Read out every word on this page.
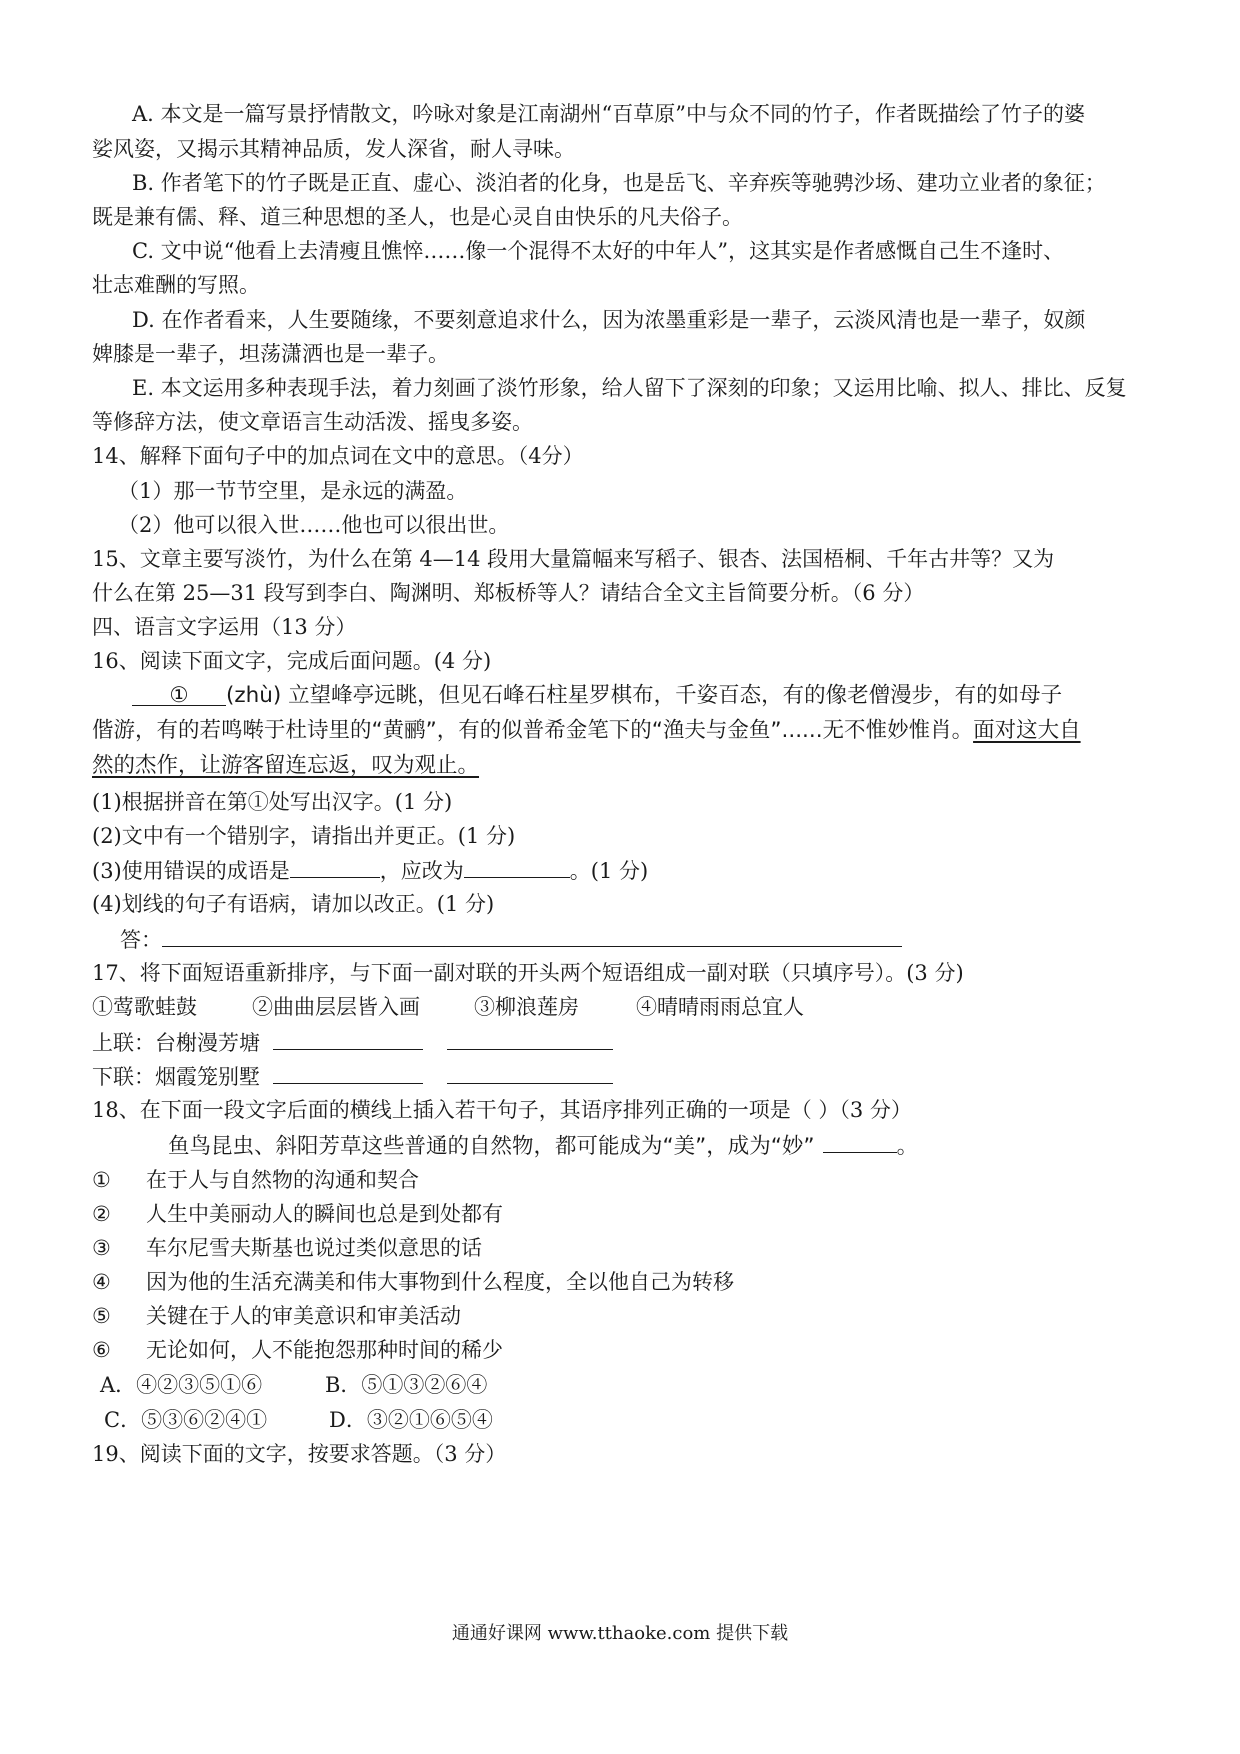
A. 本文是一篇写景抒情散文，吟咏对象是江南湖州“百草原”中与众不同的竹子，作者既描绘了竹子的婆
娑风姿，又揭示其精神品质，发人深省，耐人寻味。
B. 作者笔下的竹子既是正直、虚心、淡泊者的化身，也是岳飞、辛弃疾等驰骋沙场、建功立业者的象征；
既是兼有儒、释、道三种思想的圣人，也是心灵自由快乐的凡夫俗子。
C. 文中说“他看上去清瘦且憔悴……像一个混得不太好的中年人”，这其实是作者感慨自己生不逢时、
壮志难酬的写照。
D. 在作者看来，人生要随缘，不要刻意追求什么，因为浓墨重彩是一辈子，云淡风清也是一辈子，奴颜
婢膝是一辈子，坦荡潇洒也是一辈子。
E. 本文运用多种表现手法，着力刻画了淡竹形象，给人留下了深刻的印象；又运用比喻、拟人、排比、反复
等修辞方法，使文章语言生动活泼、摇曳多姿。
14、解释下面句子中的加点词在文中的意思。（4分）
（1）那一节节空里，是永远的满盈。
（2）他可以很入世……他也可以很出世。
15、文章主要写淡竹，为什么在第 4—14 段用大量篇幅来写稻子、银杏、法国梧桐、千年古井等？又为
什么在第 25—31 段写到李白、陶渊明、郑板桥等人？请结合全文主旨简要分析。（6 分）
四、语言文字运用（13 分）
16、阅读下面文字，完成后面问题。(4 分)
① (zhù) 立望峰亭远眺，但见石峰石柱星罗棋布，千姿百态，有的像老僧漫步，有的如母子
偕游，有的若鸣啭于杜诗里的“黄鹂”，有的似普希金笔下的“渔夫与金鱼”......无不惟妙惟肖。面对这大自
然的杰作，让游客留连忘返，叹为观止。
(1)根据拼音在第①处写出汉字。(1 分)
(2)文中有一个错别字，请指出并更正。(1 分)
(3)使用错误的成语是	，应改为	。(1 分)
(4)划线的句子有语病，请加以改正。(1 分)
答：
17、将下面短语重新排序，与下面一副对联的开头两个短语组成一副对联（只填序号）。(3 分)
①莺歌蛙鼓	②曲曲层层皆入画	③柳浪莲房	④晴晴雨雨总宜人
上联：台榭漫芳塘
下联：烟霞笼别墅
18、在下面一段文字后面的横线上插入若干句子，其语序排列正确的一项是（ ）（3 分）
鱼鸟昆虫、斜阳芳草这些普通的自然物，都可能成为“美”，成为“妙”	。
① 在于人与自然物的沟通和契合
② 人生中美丽动人的瞬间也总是到处都有
③ 车尔尼雪夫斯基也说过类似意思的话
④ 因为他的生活充满美和伟大事物到什么程度，全以他自己为转移
⑤ 关键在于人的审美意识和审美活动
⑥ 无论如何，人不能抱怨那种时间的稀少
A．④②③⑤①⑥	B．⑤①③②⑥④
C．⑤③⑥②④①	D．③②①⑥⑤④
19、阅读下面的文字，按要求答题。（3 分）
通通好课网 www.tthaoke.com 提供下载
